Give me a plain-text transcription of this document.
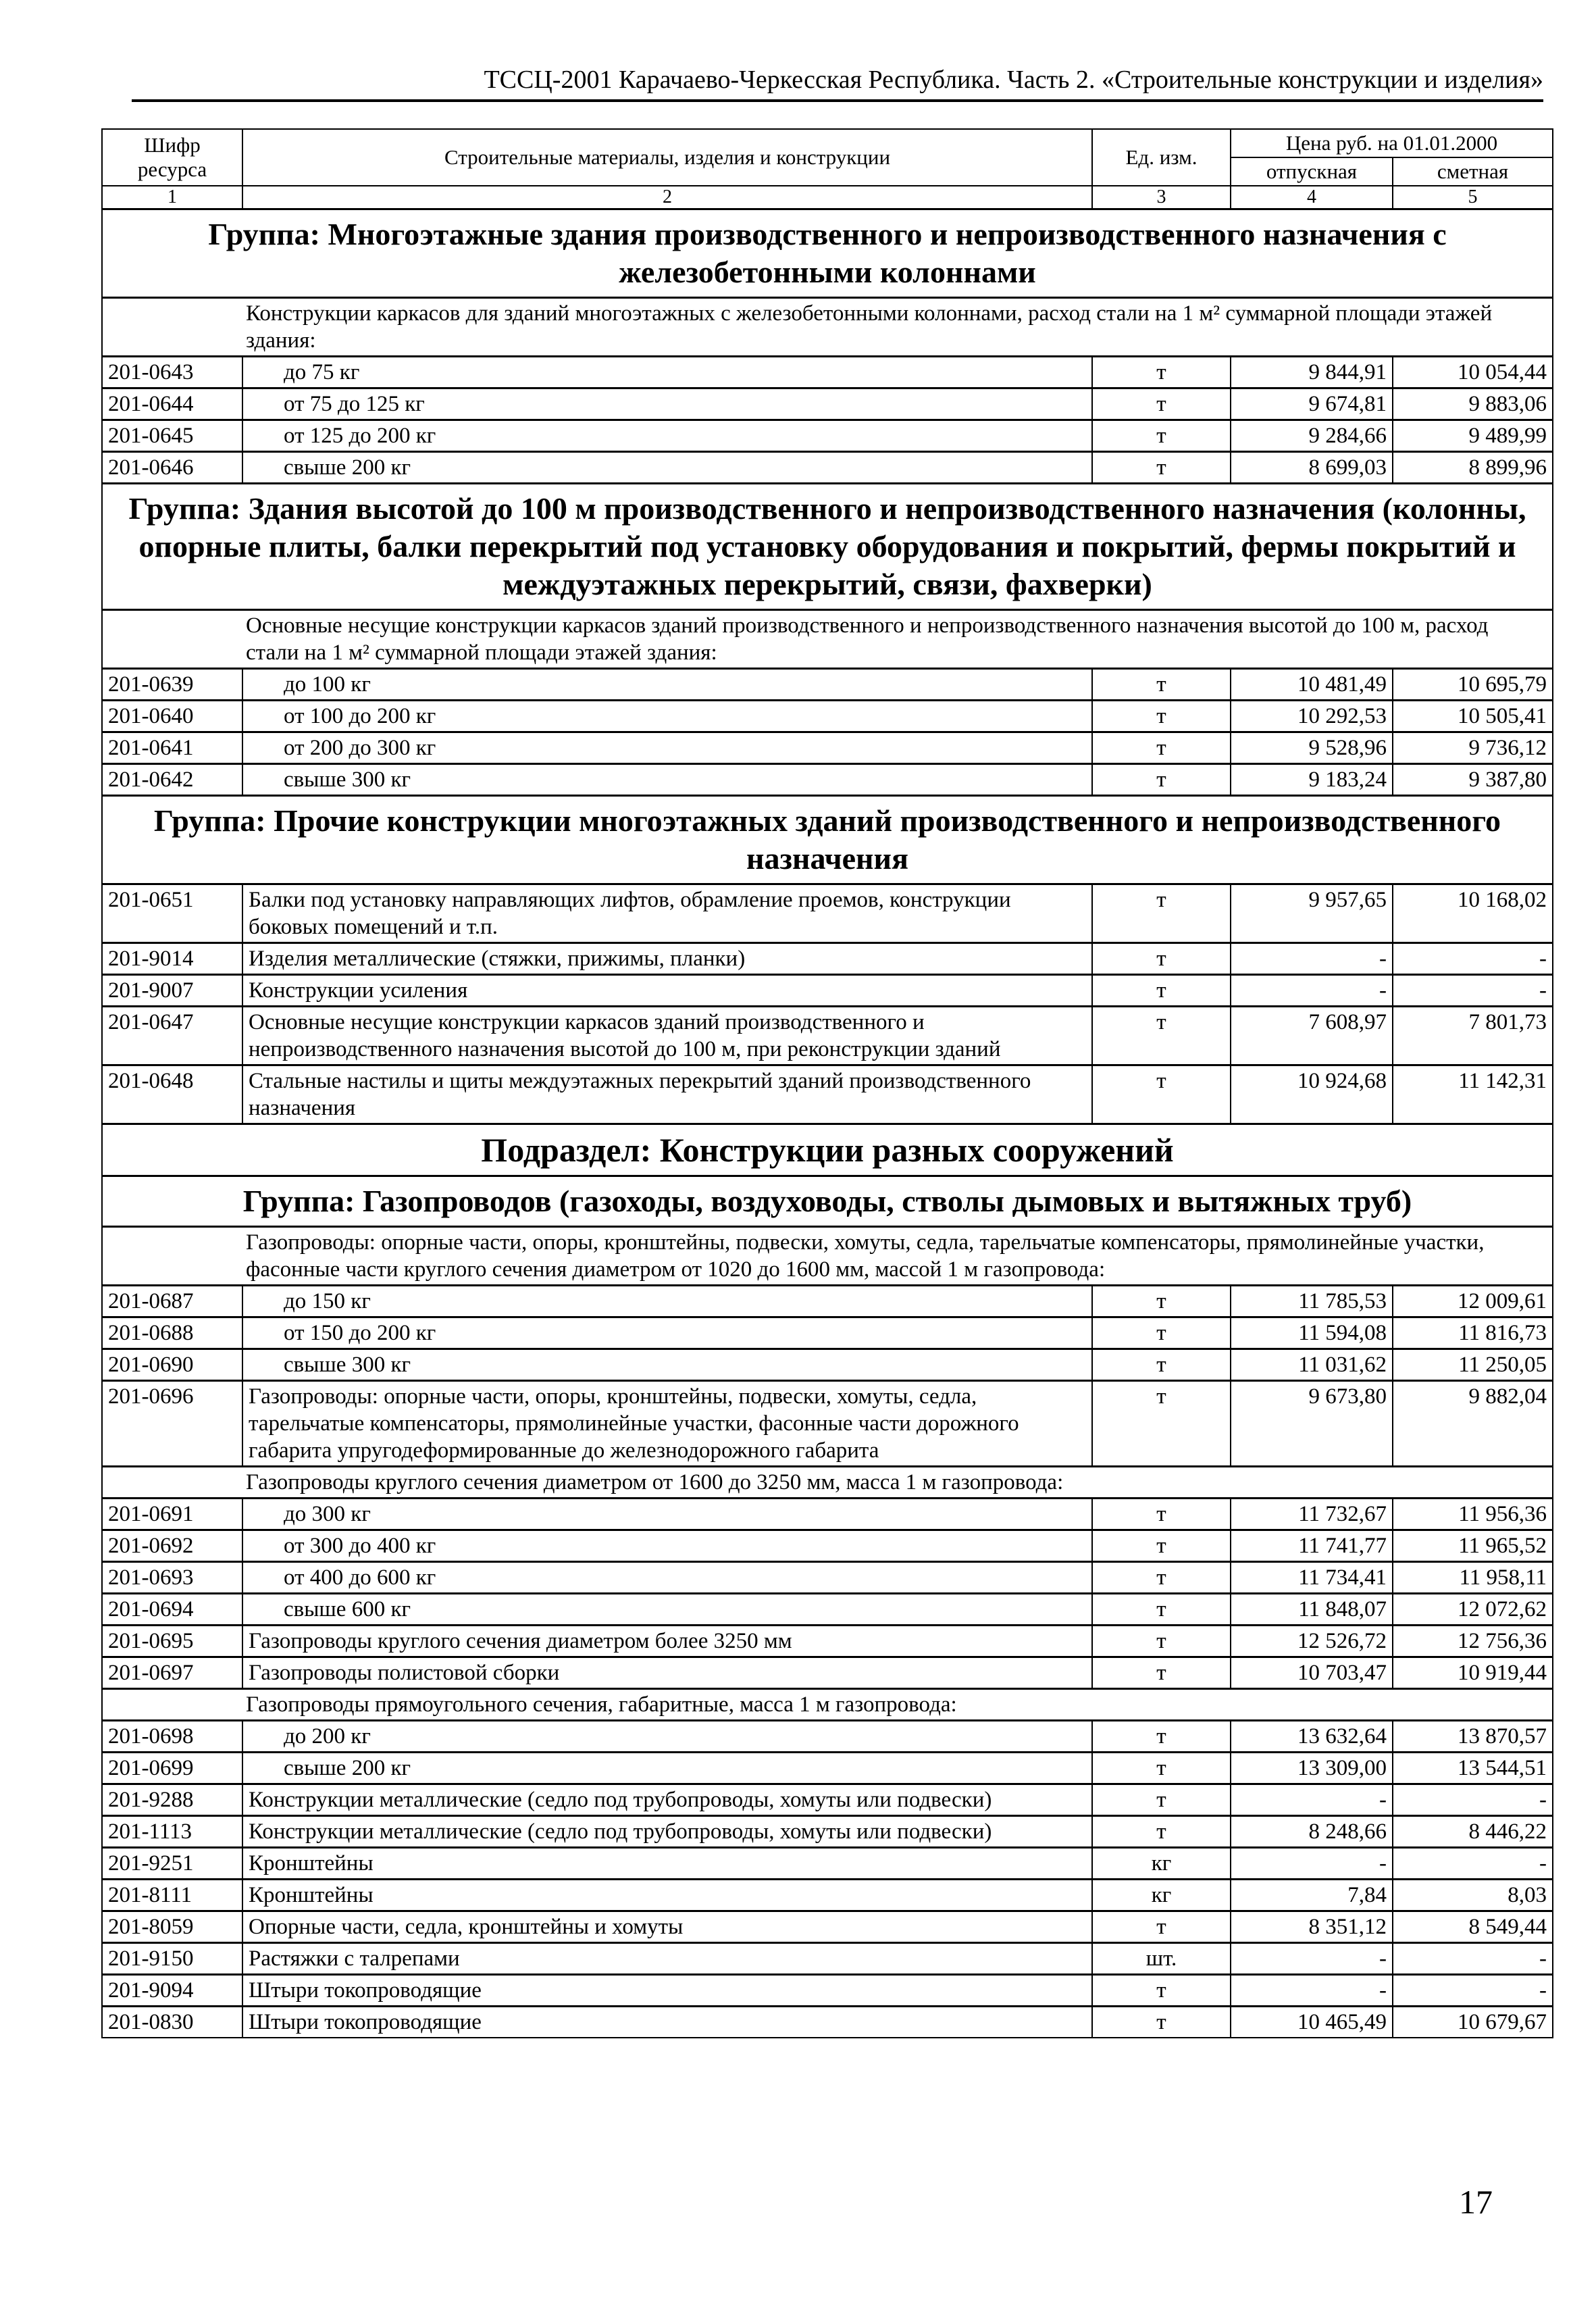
ТССЦ-2001 Карачаево-Черкесская Республика. Часть 2. «Строительные конструкции и изделия»
Шифр ресурса	Строительные материалы, изделия и конструкции	Ед. изм.	Цена руб. на 01.01.2000	
			отпускная	сметная
1	2	3	4	5
Группа: Многоэтажные здания производственного и непроизводственного назначения с железобетонными колоннами				
Конструкции каркасов для зданий многоэтажных с железобетонными колоннами, расход стали на 1 м² суммарной площади этажей здания:				
201-0643	до 75 кг	т	9 844,91	10 054,44
201-0644	от 75 до 125 кг	т	9 674,81	9 883,06
201-0645	от 125 до 200 кг	т	9 284,66	9 489,99
201-0646	свыше 200 кг	т	8 699,03	8 899,96
Группа: Здания высотой до 100 м производственного и непроизводственного назначения (колонны, опорные плиты, балки перекрытий под установку оборудования и покрытий, фермы покрытий и междуэтажных перекрытий, связи, фахверки)				
Основные несущие конструкции каркасов зданий производственного и непроизводственного назначения высотой до 100 м, расход стали на 1 м² суммарной площади этажей здания:				
201-0639	до 100 кг	т	10 481,49	10 695,79
201-0640	от 100 до 200 кг	т	10 292,53	10 505,41
201-0641	от 200 до 300 кг	т	9 528,96	9 736,12
201-0642	свыше 300 кг	т	9 183,24	9 387,80
Группа: Прочие конструкции многоэтажных зданий производственного и непроизводственного назначения				
201-0651	Балки под установку направляющих лифтов, обрамление проемов, конструкции боковых помещений и т.п.	т	9 957,65	10 168,02
201-9014	Изделия металлические (стяжки, прижимы, планки)	т	-	-
201-9007	Конструкции усиления	т	-	-
201-0647	Основные несущие конструкции каркасов зданий производственного и непроизводственного назначения высотой до 100 м, при реконструкции зданий	т	7 608,97	7 801,73
201-0648	Стальные настилы и щиты междуэтажных перекрытий зданий производственного назначения	т	10 924,68	11 142,31
Подраздел: Конструкции разных сооружений				
Группа: Газопроводов (газоходы, воздуховоды, стволы дымовых и вытяжных труб)				
Газопроводы: опорные части, опоры, кронштейны, подвески, хомуты, седла, тарельчатые компенсаторы, прямолинейные участки, фасонные части круглого сечения диаметром от 1020 до 1600 мм, массой 1 м газопровода:				
201-0687	до 150 кг	т	11 785,53	12 009,61
201-0688	от 150 до 200 кг	т	11 594,08	11 816,73
201-0690	свыше 300 кг	т	11 031,62	11 250,05
201-0696	Газопроводы: опорные части, опоры, кронштейны, подвески, хомуты, седла, тарельчатые компенсаторы, прямолинейные участки, фасонные части дорожного габарита упругодеформированные до железнодорожного габарита	т	9 673,80	9 882,04
Газопроводы круглого сечения диаметром от 1600 до 3250 мм, масса 1 м газопровода:				
201-0691	до 300 кг	т	11 732,67	11 956,36
201-0692	от 300 до 400 кг	т	11 741,77	11 965,52
201-0693	от 400 до 600 кг	т	11 734,41	11 958,11
201-0694	свыше 600 кг	т	11 848,07	12 072,62
201-0695	Газопроводы круглого сечения диаметром более 3250 мм	т	12 526,72	12 756,36
201-0697	Газопроводы полистовой сборки	т	10 703,47	10 919,44
Газопроводы прямоугольного сечения, габаритные, масса 1 м газопровода:				
201-0698	до 200 кг	т	13 632,64	13 870,57
201-0699	свыше 200 кг	т	13 309,00	13 544,51
201-9288	Конструкции металлические (седло под трубопроводы, хомуты или подвески)	т	-	-
201-1113	Конструкции металлические (седло под трубопроводы, хомуты или подвески)	т	8 248,66	8 446,22
201-9251	Кронштейны	кг	-	-
201-8111	Кронштейны	кг	7,84	8,03
201-8059	Опорные части, седла, кронштейны и хомуты	т	8 351,12	8 549,44
201-9150	Растяжки с талрепами	шт.	-	-
201-9094	Штыри токопроводящие	т	-	-
201-0830	Штыри токопроводящие	т	10 465,49	10 679,67
17
